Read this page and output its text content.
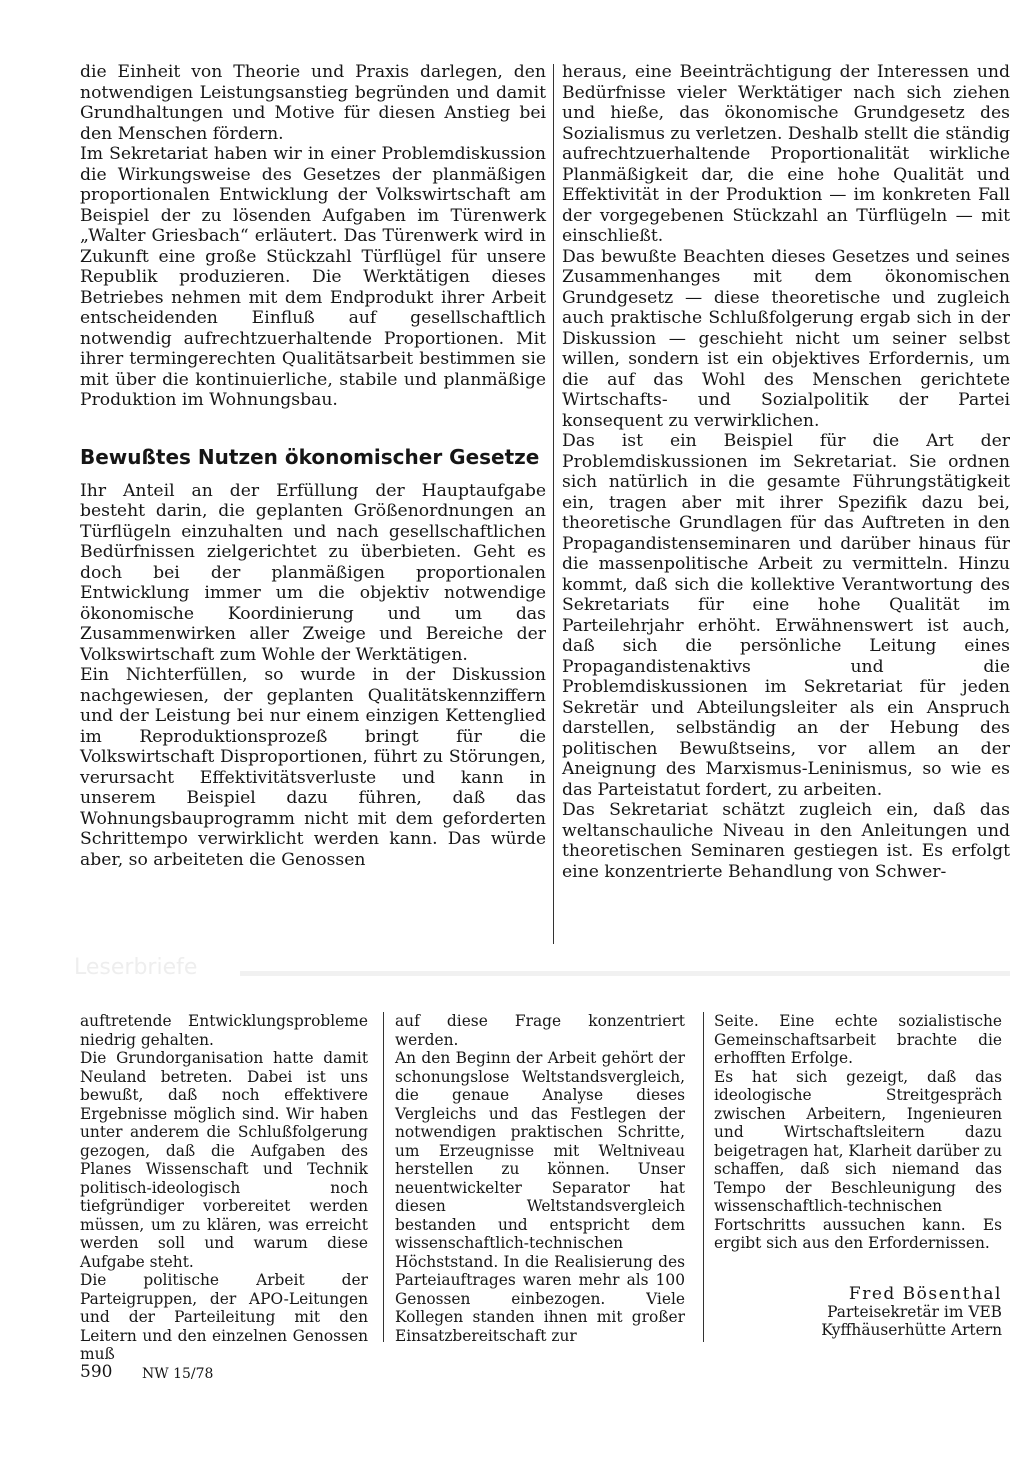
die Einheit von Theorie und Praxis darlegen, den notwendigen Leistungsanstieg begründen und damit Grundhaltungen und Motive für diesen Anstieg bei den Menschen fördern.

Im Sekretariat haben wir in einer Problemdiskussion die Wirkungsweise des Gesetzes der planmäßigen proportionalen Entwicklung der Volkswirtschaft am Beispiel der zu lösenden Aufgaben im Türenwerk „Walter Griesbach“ erläutert. Das Türenwerk wird in Zukunft eine große Stückzahl Türflügel für unsere Republik produzieren. Die Werktätigen dieses Betriebes nehmen mit dem Endprodukt ihrer Arbeit entscheidenden Einfluß auf gesellschaftlich notwendig aufrechtzuerhaltende Proportionen. Mit ihrer termingerechten Qualitätsarbeit bestimmen sie mit über die kontinuierliche, stabile und planmäßige Produktion im Wohnungsbau.

Bewußtes Nutzen ökonomischer Gesetze

Ihr Anteil an der Erfüllung der Hauptaufgabe besteht darin, die geplanten Größenordnungen an Türflügeln einzuhalten und nach gesellschaftlichen Bedürfnissen zielgerichtet zu überbieten. Geht es doch bei der planmäßigen proportionalen Entwicklung immer um die objektiv notwendige ökonomische Koordinierung und um das Zusammenwirken aller Zweige und Bereiche der Volkswirtschaft zum Wohle der Werktätigen.

Ein Nichterfüllen, so wurde in der Diskussion nachgewiesen, der geplanten Qualitätskennziffern und der Leistung bei nur einem einzigen Kettenglied im Reproduktionsprozeß bringt für die Volkswirtschaft Disproportionen, führt zu Störungen, verursacht Effektivitätsverluste und kann in unserem Beispiel dazu führen, daß das Wohnungsbauprogramm nicht mit dem geforderten Schrittempo verwirklicht werden kann. Das würde aber, so arbeiteten die Genossen

heraus, eine Beeinträchtigung der Interessen und Bedürfnisse vieler Werktätiger nach sich ziehen und hieße, das ökonomische Grundgesetz des Sozialismus zu verletzen. Deshalb stellt die ständig aufrechtzuerhaltende Proportionalität wirkliche Planmäßigkeit dar, die eine hohe Qualität und Effektivität in der Produktion — im konkreten Fall der vorgegebenen Stückzahl an Türflügeln — mit einschließt.

Das bewußte Beachten dieses Gesetzes und seines Zusammenhanges mit dem ökonomischen Grundgesetz — diese theoretische und zugleich auch praktische Schlußfolgerung ergab sich in der Diskussion — geschieht nicht um seiner selbst willen, sondern ist ein objektives Erfordernis, um die auf das Wohl des Menschen gerichtete Wirtschafts- und Sozialpolitik der Partei konsequent zu verwirklichen.

Das ist ein Beispiel für die Art der Problemdiskussionen im Sekretariat. Sie ordnen sich natürlich in die gesamte Führungstätigkeit ein, tragen aber mit ihrer Spezifik dazu bei, theoretische Grundlagen für das Auftreten in den Propagandistenseminaren und darüber hinaus für die massenpolitische Arbeit zu vermitteln. Hinzu kommt, daß sich die kollektive Verantwortung des Sekretariats für eine hohe Qualität im Parteilehrjahr erhöht. Erwähnenswert ist auch, daß sich die persönliche Leitung eines Propagandistenaktivs und die Problemdiskussionen im Sekretariat für jeden Sekretär und Abteilungsleiter als ein Anspruch darstellen, selbständig an der Hebung des politischen Bewußtseins, vor allem an der Aneignung des Marxismus-Leninismus, so wie es das Parteistatut fordert, zu arbeiten.

Das Sekretariat schätzt zugleich ein, daß das weltanschauliche Niveau in den Anleitungen und theoretischen Seminaren gestiegen ist. Es erfolgt eine konzentrierte Behandlung von Schwer-

Leserbriefe

auftretende Entwicklungsprobleme niedrig gehalten.

Die Grundorganisation hatte damit Neuland betreten. Dabei ist uns bewußt, daß noch effektivere Ergebnisse möglich sind. Wir haben unter anderem die Schlußfolgerung gezogen, daß die Aufgaben des Planes Wissenschaft und Technik politisch-ideologisch noch tiefgründiger vorbereitet werden müssen, um zu klären, was erreicht werden soll und warum diese Aufgabe steht.

Die politische Arbeit der Parteigruppen, der APO-Leitungen und der Parteileitung mit den Leitern und den einzelnen Genossen muß

auf diese Frage konzentriert werden.

An den Beginn der Arbeit gehört der schonungslose Weltstandsvergleich, die genaue Analyse dieses Vergleichs und das Festlegen der notwendigen praktischen Schritte, um Erzeugnisse mit Weltniveau herstellen zu können. Unser neuentwickelter Separator hat diesen Weltstandsvergleich bestanden und entspricht dem wissenschaftlich-technischen Höchststand. In die Realisierung des Parteiauftrages waren mehr als 100 Genossen einbezogen. Viele Kollegen standen ihnen mit großer Einsatzbereitschaft zur

Seite. Eine echte sozialistische Gemeinschaftsarbeit brachte die erhofften Erfolge.

Es hat sich gezeigt, daß das ideologische Streitgespräch zwischen Arbeitern, Ingenieuren und Wirtschaftsleitern dazu beigetragen hat, Klarheit darüber zu schaffen, daß sich niemand das Tempo der Beschleunigung des wissenschaftlich-technischen Fortschritts aussuchen kann. Es ergibt sich aus den Erfordernissen.

Fred Bösenthal
Parteisekretär im VEB Kyffhäuserhütte Artern
590 NW 15/78
